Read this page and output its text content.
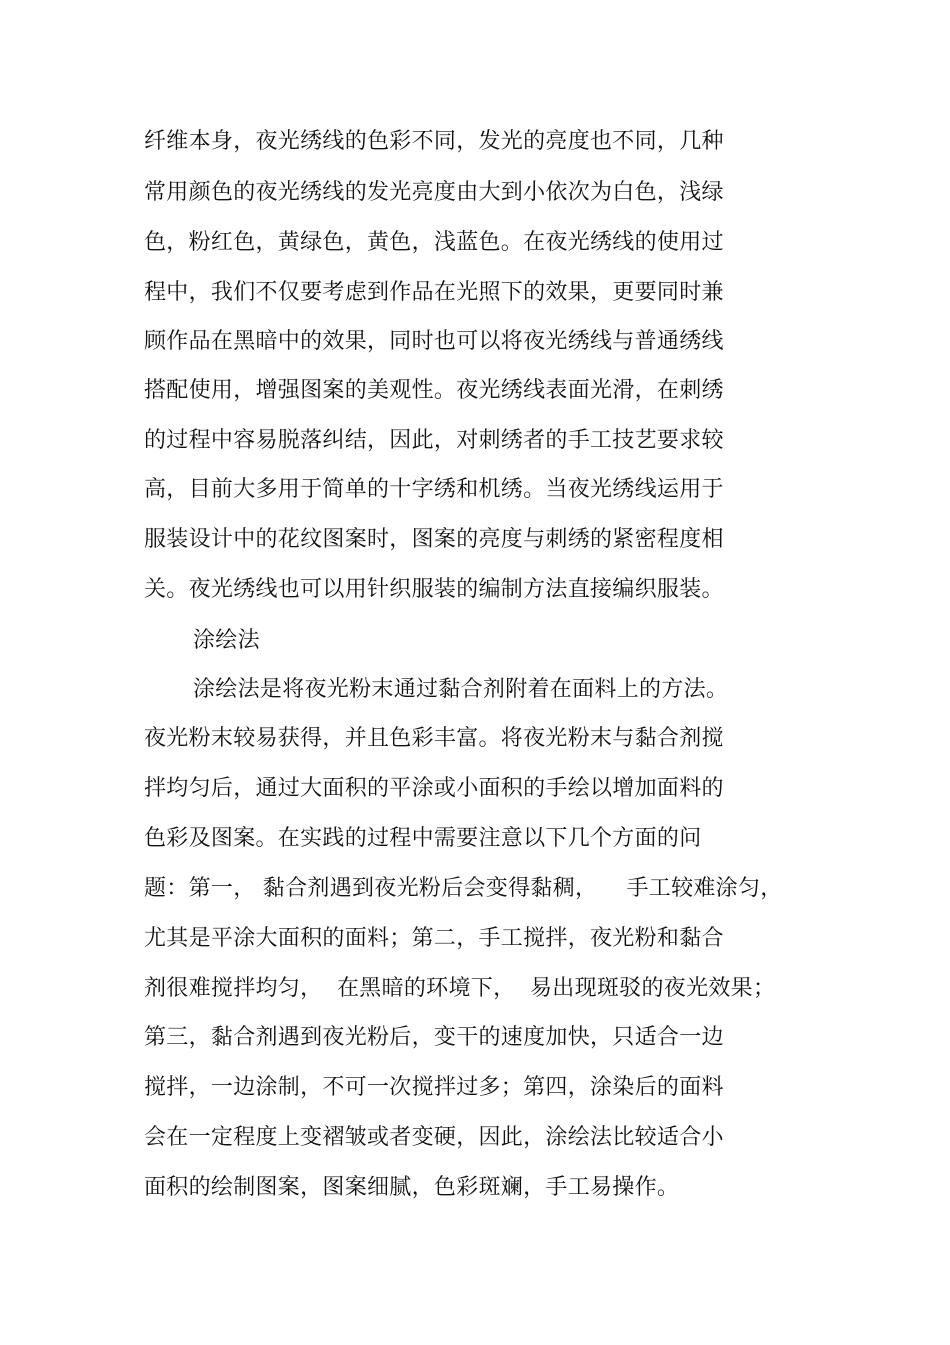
纤维本身，夜光绣线的色彩不同，发光的亮度也不同，几种
常用颜色的夜光绣线的发光亮度由大到小依次为白色，浅绿
色，粉红色，黄绿色，黄色，浅蓝色。在夜光绣线的使用过
程中，我们不仅要考虑到作品在光照下的效果，更要同时兼
顾作品在黑暗中的效果，同时也可以将夜光绣线与普通绣线
搭配使用，增强图案的美观性。夜光绣线表面光滑，在刺绣
的过程中容易脱落纠结，因此，对刺绣者的手工技艺要求较
高，目前大多用于简单的十字绣和机绣。当夜光绣线运用于
服装设计中的花纹图案时，图案的亮度与刺绣的紧密程度相
关。夜光绣线也可以用针织服装的编制方法直接编织服装。
涂绘法
涂绘法是将夜光粉末通过黏合剂附着在面料上的方法。
夜光粉末较易获得，并且色彩丰富。将夜光粉末与黏合剂搅
拌均匀后，通过大面积的平涂或小面积的手绘以增加面料的
色彩及图案。在实践的过程中需要注意以下几个方面的问
题：第一， 黏合剂遇到夜光粉后会变得黏稠，    手工较难涂匀，
尤其是平涂大面积的面料；第二，手工搅拌，夜光粉和黏合
剂很难搅拌均匀，  在黑暗的环境下，  易出现斑驳的夜光效果；
第三，黏合剂遇到夜光粉后，变干的速度加快，只适合一边
搅拌，一边涂制，不可一次搅拌过多；第四，涂染后的面料
会在一定程度上变褶皱或者变硬，因此，涂绘法比较适合小
面积的绘制图案，图案细腻，色彩斑斓，手工易操作。
